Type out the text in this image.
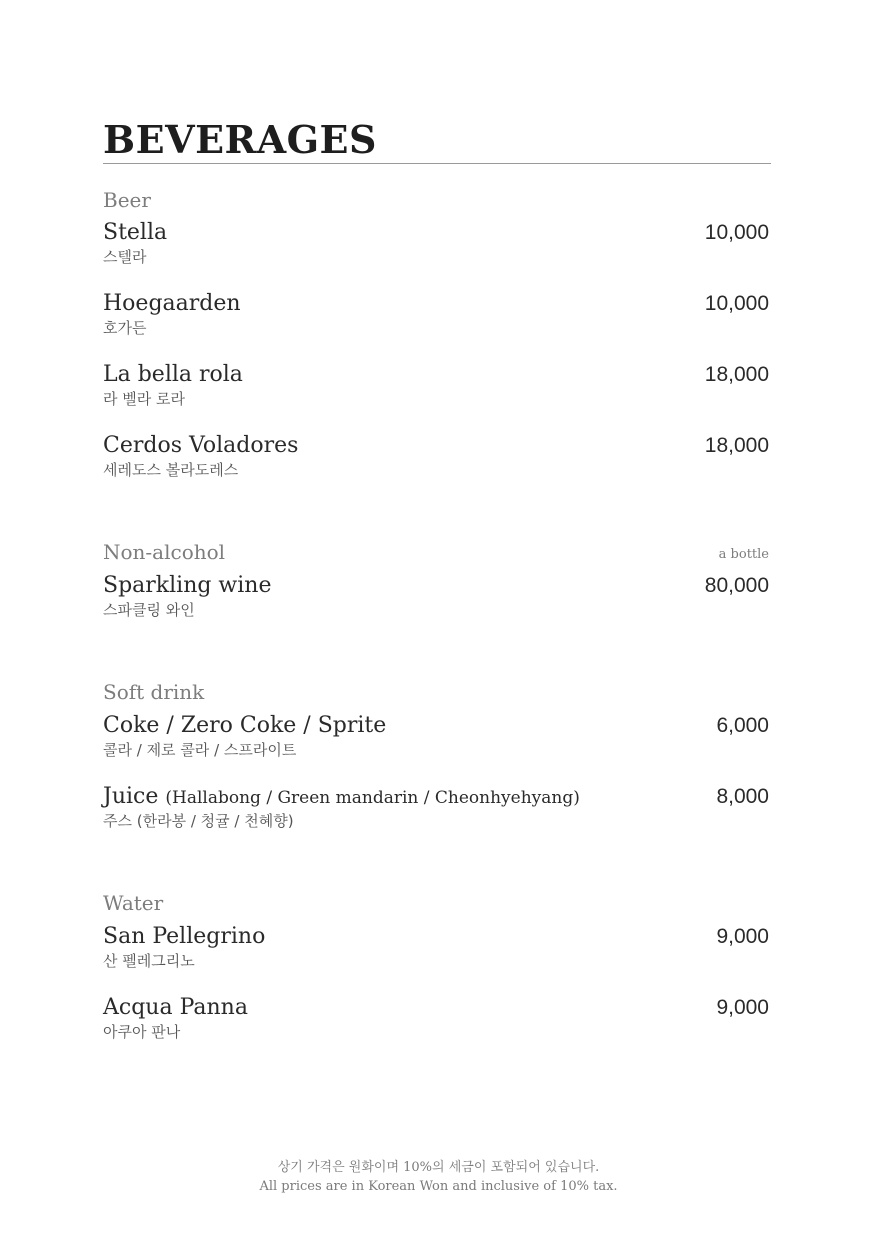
BEVERAGES
Beer
Stella
스텔라
10,000
Hoegaarden
호가든
10,000
La bella rola
라 벨라 로라
18,000
Cerdos Voladores
세레도스 볼라도레스
18,000
Non-alcohol	a bottle
Sparkling wine
스파클링 와인
80,000
Soft drink
Coke / Zero Coke / Sprite
콜라 / 제로 콜라 / 스프라이트
6,000
Juice (Hallabong / Green mandarin / Cheonhyehyang)
주스 (한라봉 / 청귤 / 천혜향)
8,000
Water
San Pellegrino
산 펠레그리노
9,000
Acqua Panna
아쿠아 판나
9,000
상기 가격은 원화이며 10%의 세금이 포함되어 있습니다.
All prices are in Korean Won and inclusive of 10% tax.
